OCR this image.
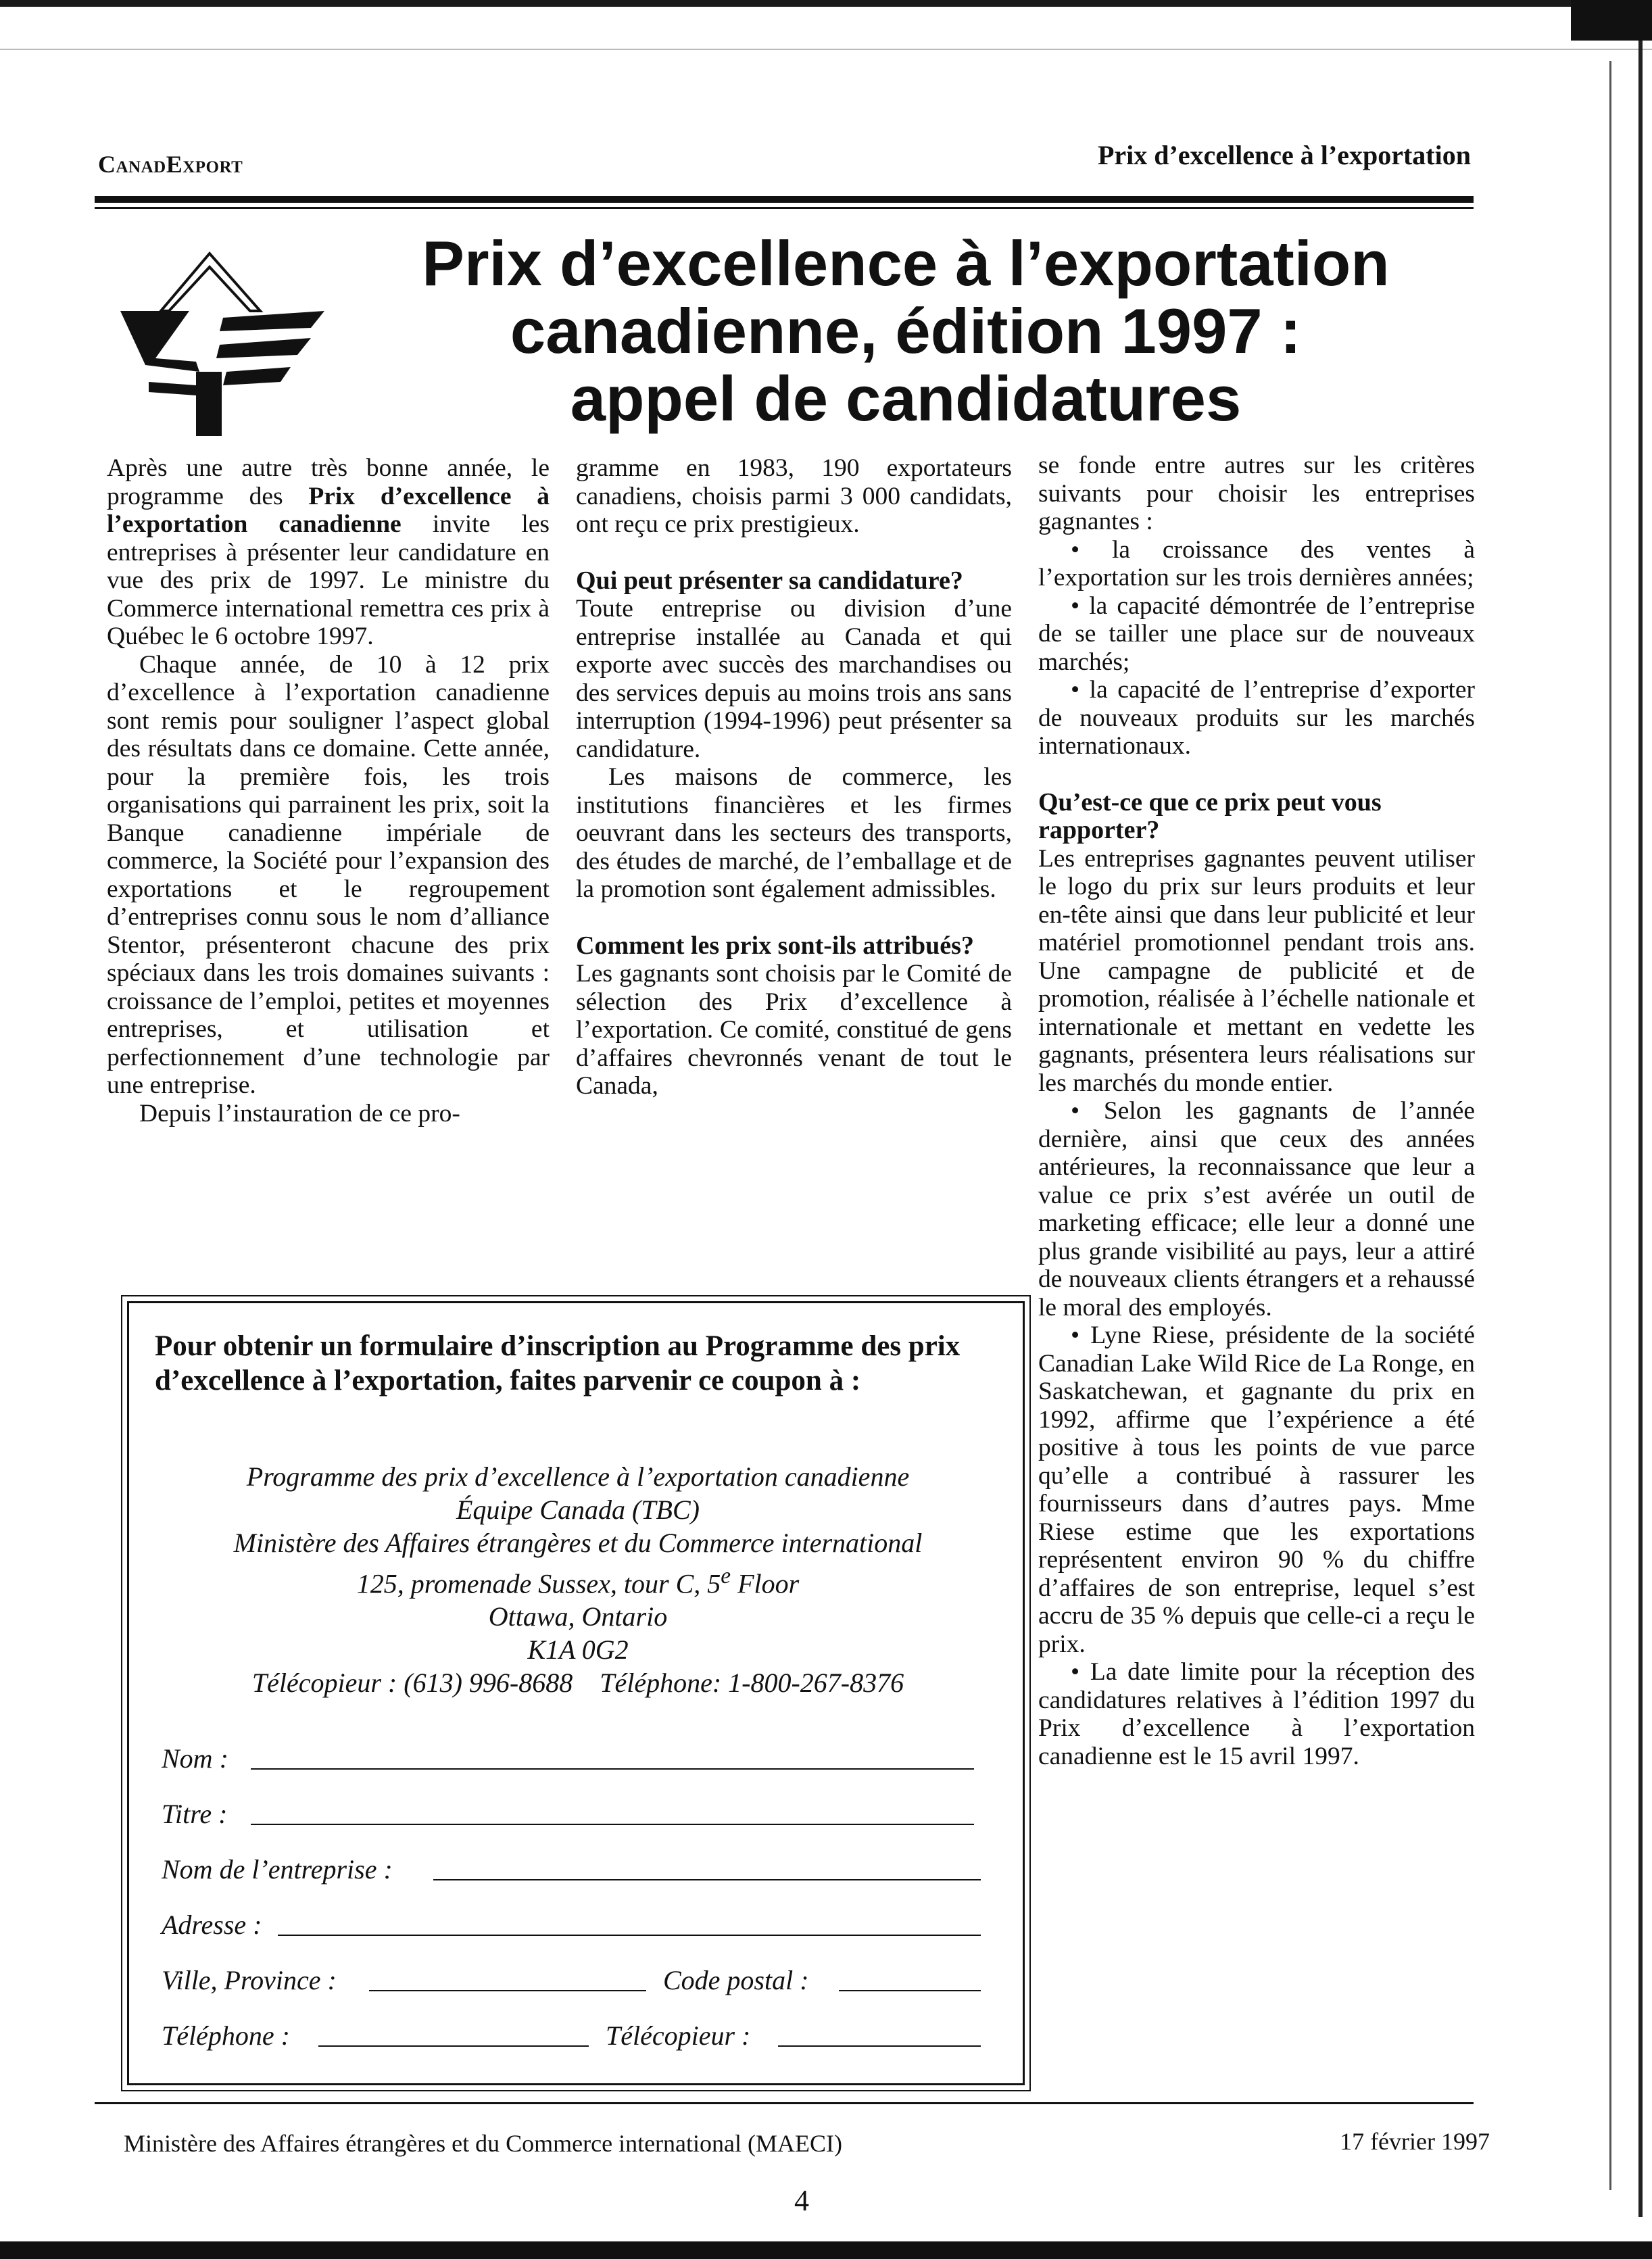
CanadExport	Prix d’excellence à l’exportation
Prix d’excellence à l’exportation
canadienne, édition 1997 :
appel de candidatures

Après une autre très bonne année, le programme des Prix d’excellence à l’exportation canadienne invite les entreprises à présenter leur candidature en vue des prix de 1997. Le ministre du Commerce international remettra ces prix à Québec le 6 octobre 1997.

Chaque année, de 10 à 12 prix d’excellence à l’exportation canadienne sont remis pour souligner l’aspect global des résultats dans ce domaine. Cette année, pour la première fois, les trois organisations qui parrainent les prix, soit la Banque canadienne impériale de commerce, la Société pour l’expansion des exportations et le regroupement d’entreprises connu sous le nom d’alliance Stentor, présenteront chacune des prix spéciaux dans les trois domaines suivants : croissance de l’emploi, petites et moyennes entreprises, et utilisation et perfectionnement d’une technologie par une entreprise.

Depuis l’instauration de ce pro-

gramme en 1983, 190 exportateurs canadiens, choisis parmi 3 000 candidats, ont reçu ce prix prestigieux.

Qui peut présenter sa candidature?

Toute entreprise ou division d’une entreprise installée au Canada et qui exporte avec succès des marchandises ou des services depuis au moins trois ans sans interruption (1994-1996) peut présenter sa candidature.

Les maisons de commerce, les institutions financières et les firmes oeuvrant dans les secteurs des transports, des études de marché, de l’emballage et de la promotion sont également admissibles.

Comment les prix sont-ils attribués?

Les gagnants sont choisis par le Comité de sélection des Prix d’excellence à l’exportation. Ce comité, constitué de gens d’affaires chevronnés venant de tout le Canada,

se fonde entre autres sur les critères suivants pour choisir les entreprises gagnantes :

• la croissance des ventes à l’exportation sur les trois dernières années;

• la capacité démontrée de l’entreprise de se tailler une place sur de nouveaux marchés;

• la capacité de l’entreprise d’exporter de nouveaux produits sur les marchés internationaux.

Qu’est-ce que ce prix peut vous rapporter?

Les entreprises gagnantes peuvent utiliser le logo du prix sur leurs produits et leur en-tête ainsi que dans leur publicité et leur matériel promotionnel pendant trois ans. Une campagne de publicité et de promotion, réalisée à l’échelle nationale et internationale et mettant en vedette les gagnants, présentera leurs réalisations sur les marchés du monde entier.

• Selon les gagnants de l’année dernière, ainsi que ceux des années antérieures, la reconnaissance que leur a value ce prix s’est avérée un outil de marketing efficace; elle leur a donné une plus grande visibilité au pays, leur a attiré de nouveaux clients étrangers et a rehaussé le moral des employés.

• Lyne Riese, présidente de la société Canadian Lake Wild Rice de La Ronge, en Saskatchewan, et gagnante du prix en 1992, affirme que l’expérience a été positive à tous les points de vue parce qu’elle a contribué à rassurer les fournisseurs dans d’autres pays. Mme Riese estime que les exportations représentent environ 90 % du chiffre d’affaires de son entreprise, lequel s’est accru de 35 % depuis que celle-ci a reçu le prix.

• La date limite pour la réception des candidatures relatives à l’édition 1997 du Prix d’excellence à l’exportation canadienne est le 15 avril 1997.

Pour obtenir un formulaire d’inscription au Programme des prix d’excellence à l’exportation, faites parvenir ce coupon à :
Programme des prix d’excellence à l’exportation canadienne
Équipe Canada (TBC)
Ministère des Affaires étrangères et du Commerce international
125, promenade Sussex, tour C, 5e Floor
Ottawa, Ontario
K1A 0G2
Télécopieur : (613) 996-8688 Téléphone: 1-800-267-8376
Nom :
Titre :
Nom de l’entreprise :
Adresse :
Ville, Province :	Code postal :
Téléphone :	Télécopieur :
Ministère des Affaires étrangères et du Commerce international (MAECI)	17 février 1997
4
